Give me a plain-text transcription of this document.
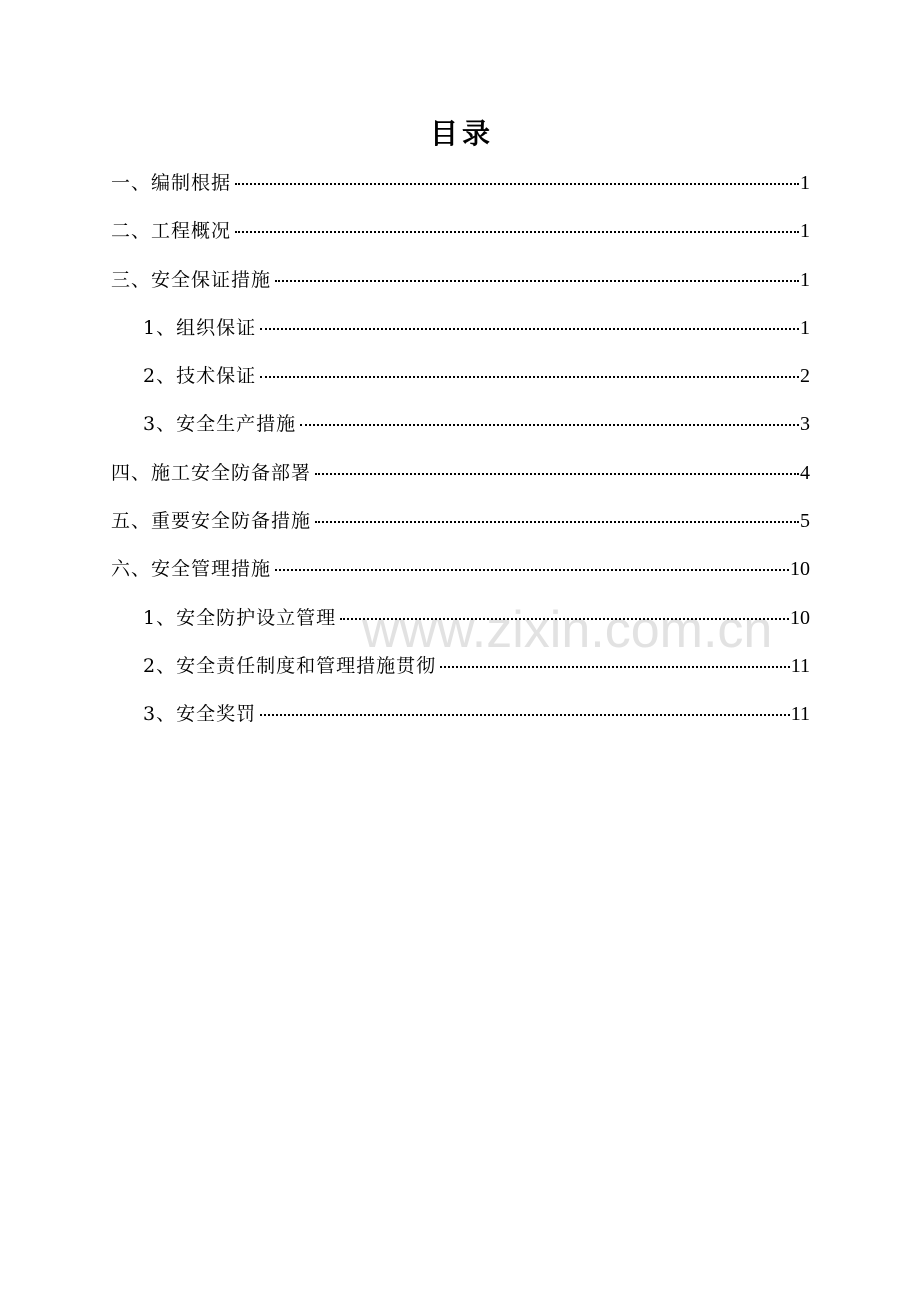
目录
www.zixin.com.cn
一、编制根据	1
二、工程概况	1
三、安全保证措施	1
1、组织保证	1
2、技术保证	2
3、安全生产措施	3
四、施工安全防备部署	4
五、重要安全防备措施	5
六、安全管理措施	10
1、安全防护设立管理	10
2、安全责任制度和管理措施贯彻	11
3、安全奖罚	11
